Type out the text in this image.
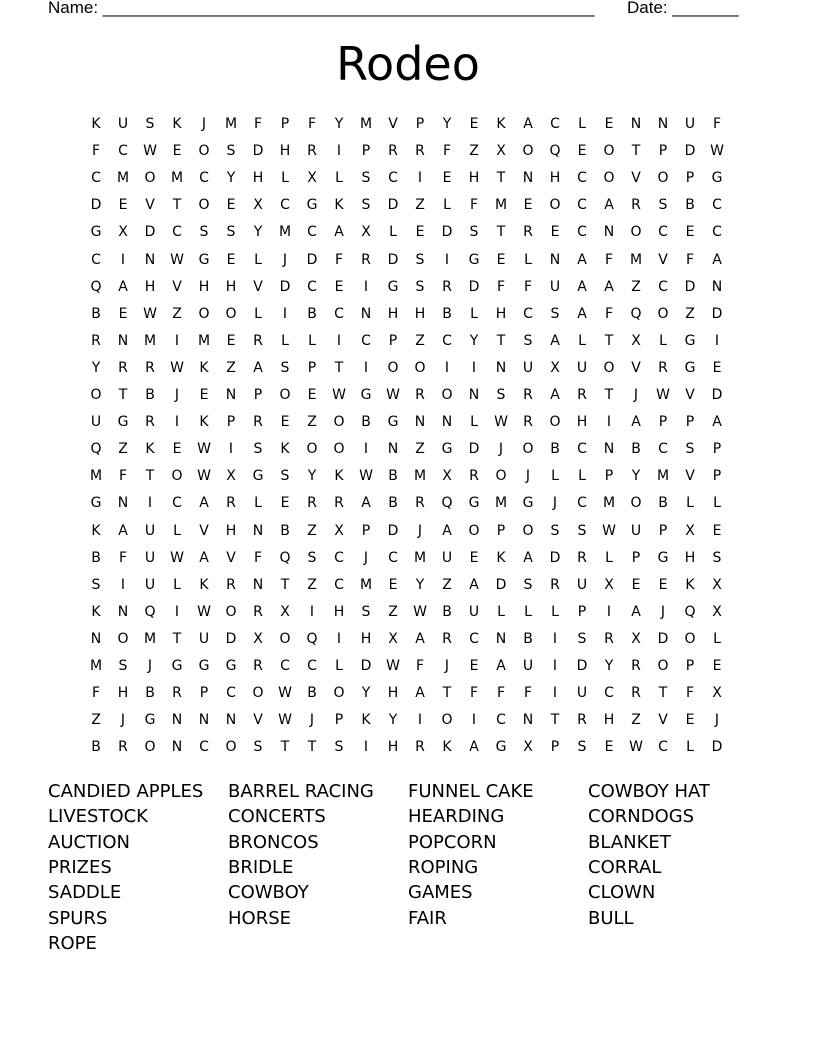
Name: ____________________________________________________ Date: _______
Rodeo
K	U	S	K	J	M	F	P	F	Y	M	V	P	Y	E	K	A	C	L	E	N	N	U	F
F	C	W	E	O	S	D	H	R	I	P	R	R	F	Z	X	O	Q	E	O	T	P	D	W
C	M	O	M	C	Y	H	L	X	L	S	C	I	E	H	T	N	H	C	O	V	O	P	G
D	E	V	T	O	E	X	C	G	K	S	D	Z	L	F	M	E	O	C	A	R	S	B	C
G	X	D	C	S	S	Y	M	C	A	X	L	E	D	S	T	R	E	C	N	O	C	E	C
C	I	N	W	G	E	L	J	D	F	R	D	S	I	G	E	L	N	A	F	M	V	F	A
Q	A	H	V	H	H	V	D	C	E	I	G	S	R	D	F	F	U	A	A	Z	C	D	N
B	E	W	Z	O	O	L	I	B	C	N	H	H	B	L	H	C	S	A	F	Q	O	Z	D
R	N	M	I	M	E	R	L	L	I	C	P	Z	C	Y	T	S	A	L	T	X	L	G	I
Y	R	R	W	K	Z	A	S	P	T	I	O	O	I	I	N	U	X	U	O	V	R	G	E
O	T	B	J	E	N	P	O	E	W	G	W	R	O	N	S	R	A	R	T	J	W	V	D
U	G	R	I	K	P	R	E	Z	O	B	G	N	N	L	W	R	O	H	I	A	P	P	A
Q	Z	K	E	W	I	S	K	O	O	I	N	Z	G	D	J	O	B	C	N	B	C	S	P
M	F	T	O	W	X	G	S	Y	K	W	B	M	X	R	O	J	L	L	P	Y	M	V	P
G	N	I	C	A	R	L	E	R	R	A	B	R	Q	G	M	G	J	C	M	O	B	L	L
K	A	U	L	V	H	N	B	Z	X	P	D	J	A	O	P	O	S	S	W	U	P	X	E
B	F	U	W	A	V	F	Q	S	C	J	C	M	U	E	K	A	D	R	L	P	G	H	S
S	I	U	L	K	R	N	T	Z	C	M	E	Y	Z	A	D	S	R	U	X	E	E	K	X
K	N	Q	I	W	O	R	X	I	H	S	Z	W	B	U	L	L	L	P	I	A	J	Q	X
N	O	M	T	U	D	X	O	Q	I	H	X	A	R	C	N	B	I	S	R	X	D	O	L
M	S	J	G	G	G	R	C	C	L	D	W	F	J	E	A	U	I	D	Y	R	O	P	E
F	H	B	R	P	C	O	W	B	O	Y	H	A	T	F	F	F	I	U	C	R	T	F	X
Z	J	G	N	N	N	V	W	J	P	K	Y	I	O	I	C	N	T	R	H	Z	V	E	J
B	R	O	N	C	O	S	T	T	S	I	H	R	K	A	G	X	P	S	E	W	C	L	D
CANDIED APPLES
LIVESTOCK
AUCTION
PRIZES
SADDLE
SPURS
ROPE
BARREL RACING
CONCERTS
BRONCOS
BRIDLE
COWBOY
HORSE
FUNNEL CAKE
HEARDING
POPCORN
ROPING
GAMES
FAIR
COWBOY HAT
CORNDOGS
BLANKET
CORRAL
CLOWN
BULL
